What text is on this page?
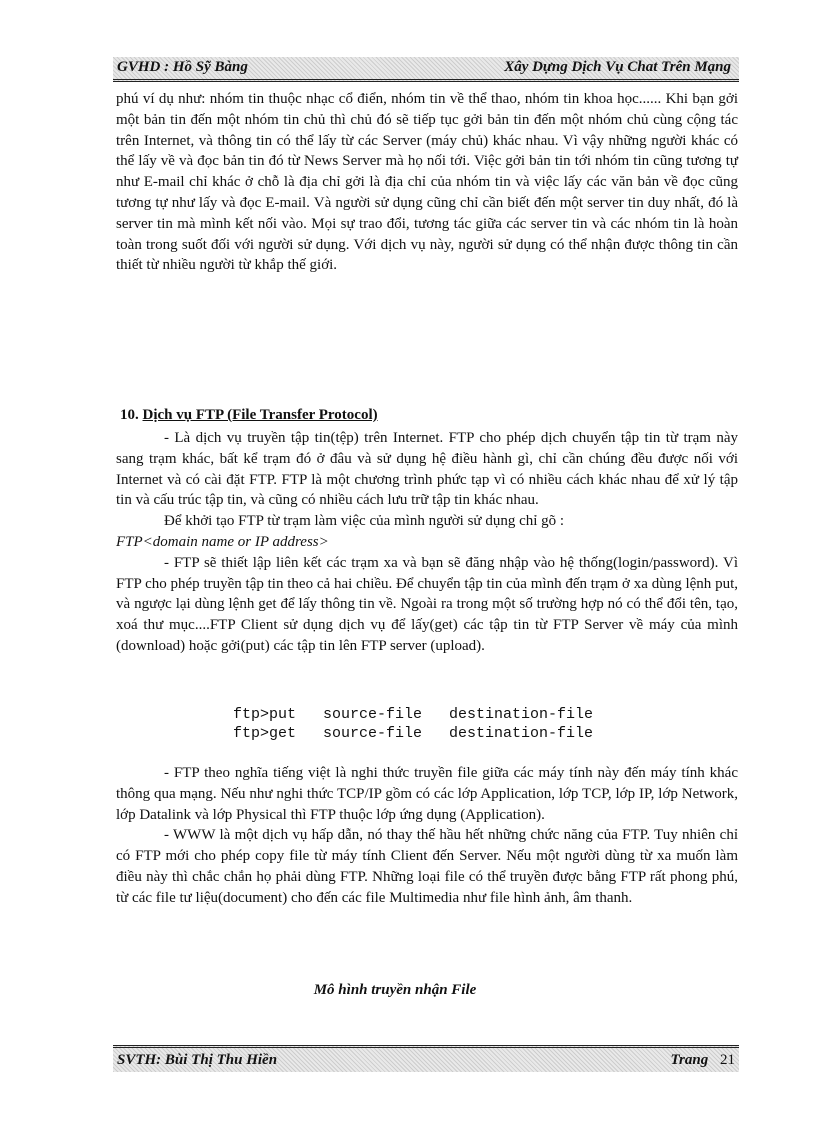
GVHD : Hồ Sỹ Bàng	Xây Dựng Dịch Vụ Chat Trên Mạng

phú ví dụ như: nhóm tin thuộc nhạc cổ điển, nhóm tin về thể thao, nhóm tin khoa học...... Khi bạn gởi một bản tin đến một nhóm tin chủ thì chủ đó sẽ tiếp tục gởi bản tin đến một nhóm chủ cùng cộng tác trên Internet, và thông tin có thể lấy từ các Server (máy chủ) khác nhau. Vì vậy những người khác có thể lấy về và đọc bản tin đó từ News Server mà họ nối tới. Việc gởi bản tin tới nhóm tin cũng tương tự như E-mail chỉ khác ở chỗ là địa chỉ gởi là địa chỉ của nhóm tin và việc lấy các văn bản về đọc cũng tương tự như lấy và đọc E-mail. Và người sử dụng cũng chỉ cần biết đến một server tin duy nhất, đó là server tin mà mình kết nối vào. Mọi sự trao đổi, tương tác giữa các server tin và các nhóm tin là hoàn toàn trong suốt đối với người sử dụng. Với dịch vụ này, người sử dụng có thể nhận được thông tin cần thiết từ nhiều người từ khắp thế giới.

10. Dịch vụ FTP (File Transfer Protocol)

- Là dịch vụ truyền tập tin(tệp) trên Internet. FTP cho phép dịch chuyển tập tin từ trạm này sang trạm khác, bất kể trạm đó ở đâu và sử dụng hệ điều hành gì, chỉ cần chúng đều được nối với Internet và có cài đặt FTP. FTP là một chương trình phức tạp vì có nhiều cách khác nhau để xử lý tập tin và cấu trúc tập tin, và cũng có nhiều cách lưu trữ tập tin khác nhau.

Để khởi tạo FTP từ trạm làm việc của mình người sử dụng chỉ gõ :

FTP<domain name or IP address>

- FTP sẽ thiết lập liên kết các trạm xa và bạn sẽ đăng nhập vào hệ thống(login/password). Vì FTP cho phép truyền tập tin theo cả hai chiều. Để chuyển tập tin của mình đến trạm ở xa dùng lệnh put, và ngược lại dùng lệnh get để lấy thông tin về. Ngoài ra trong một số trường hợp nó có thể đổi tên, tạo, xoá thư mục....FTP Client sử dụng dịch vụ để lấy(get) các tập tin từ FTP Server về máy của mình (download) hoặc gởi(put) các tập tin lên FTP server (upload).

ftp>put   source-file   destination-file
ftp>get   source-file   destination-file

- FTP theo nghĩa tiếng việt là nghi thức truyền file giữa các máy tính này đến máy tính khác thông qua mạng. Nếu như nghi thức TCP/IP gồm có các lớp Application, lớp TCP, lớp IP, lớp Network, lớp Datalink và lớp Physical thì FTP thuộc lớp ứng dụng (Application).

- WWW là một dịch vụ hấp dẫn, nó thay thế hầu hết những chức năng của FTP. Tuy nhiên chỉ có FTP mới cho phép copy file từ máy tính Client đến Server. Nếu một người dùng từ xa muốn làm điều này thì chắc chắn họ phải dùng FTP. Những loại file có thể truyền được bằng FTP rất phong phú, từ các file tư liệu(document) cho đến các file Multimedia như file hình ảnh, âm thanh.

Mô hình truyền nhận File
SVTH: Bùi Thị Thu Hiền	Trang 21
